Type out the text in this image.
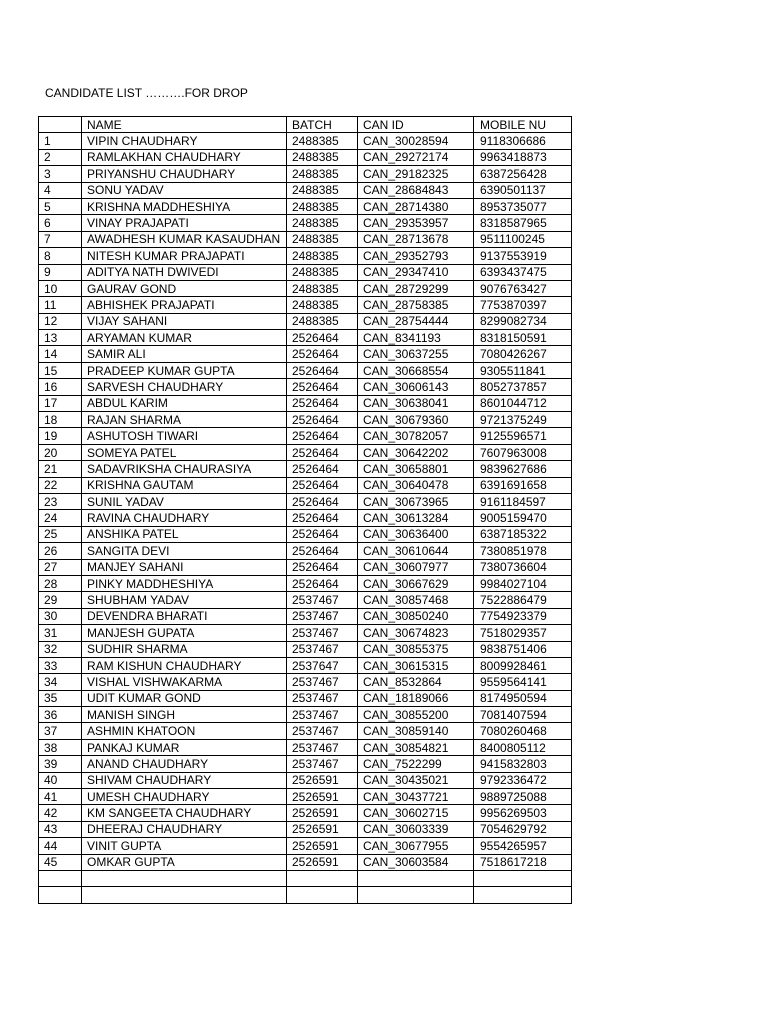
CANDIDATE LIST ……….FOR DROP
	NAME	BATCH	CAN ID	MOBILE NU
1	VIPIN CHAUDHARY	2488385	CAN_30028594	9118306686
2	RAMLAKHAN CHAUDHARY	2488385	CAN_29272174	9963418873
3	PRIYANSHU CHAUDHARY	2488385	CAN_29182325	6387256428
4	SONU YADAV	2488385	CAN_28684843	6390501137
5	KRISHNA MADDHESHIYA	2488385	CAN_28714380	8953735077
6	VINAY PRAJAPATI	2488385	CAN_29353957	8318587965
7	AWADHESH KUMAR KASAUDHAN	2488385	CAN_28713678	9511100245
8	NITESH KUMAR PRAJAPATI	2488385	CAN_29352793	9137553919
9	ADITYA NATH DWIVEDI	2488385	CAN_29347410	6393437475
10	GAURAV GOND	2488385	CAN_28729299	9076763427
11	ABHISHEK PRAJAPATI	2488385	CAN_28758385	7753870397
12	VIJAY SAHANI	2488385	CAN_28754444	8299082734
13	ARYAMAN KUMAR	2526464	CAN_8341193	8318150591
14	SAMIR ALI	2526464	CAN_30637255	7080426267
15	PRADEEP KUMAR GUPTA	2526464	CAN_30668554	9305511841
16	SARVESH CHAUDHARY	2526464	CAN_30606143	8052737857
17	ABDUL KARIM	2526464	CAN_30638041	8601044712
18	RAJAN SHARMA	2526464	CAN_30679360	9721375249
19	ASHUTOSH TIWARI	2526464	CAN_30782057	9125596571
20	SOMEYA PATEL	2526464	CAN_30642202	7607963008
21	SADAVRIKSHA CHAURASIYA	2526464	CAN_30658801	9839627686
22	KRISHNA GAUTAM	2526464	CAN_30640478	6391691658
23	SUNIL YADAV	2526464	CAN_30673965	9161184597
24	RAVINA CHAUDHARY	2526464	CAN_30613284	9005159470
25	ANSHIKA PATEL	2526464	CAN_30636400	6387185322
26	SANGITA DEVI	2526464	CAN_30610644	7380851978
27	MANJEY SAHANI	2526464	CAN_30607977	7380736604
28	PINKY MADDHESHIYA	2526464	CAN_30667629	9984027104
29	SHUBHAM YADAV	2537467	CAN_30857468	7522886479
30	DEVENDRA BHARATI	2537467	CAN_30850240	7754923379
31	MANJESH GUPATA	2537467	CAN_30674823	7518029357
32	SUDHIR SHARMA	2537467	CAN_30855375	9838751406
33	RAM KISHUN CHAUDHARY	2537647	CAN_30615315	8009928461
34	VISHAL VISHWAKARMA	2537467	CAN_8532864	9559564141
35	UDIT KUMAR GOND	2537467	CAN_18189066	8174950594
36	MANISH SINGH	2537467	CAN_30855200	7081407594
37	ASHMIN KHATOON	2537467	CAN_30859140	7080260468
38	PANKAJ KUMAR	2537467	CAN_30854821	8400805112
39	ANAND CHAUDHARY	2537467	CAN_7522299	9415832803
40	SHIVAM CHAUDHARY	2526591	CAN_30435021	9792336472
41	UMESH CHAUDHARY	2526591	CAN_30437721	9889725088
42	KM SANGEETA CHAUDHARY	2526591	CAN_30602715	9956269503
43	DHEERAJ CHAUDHARY	2526591	CAN_30603339	7054629792
44	VINIT GUPTA	2526591	CAN_30677955	9554265957
45	OMKAR GUPTA	2526591	CAN_30603584	7518617218
